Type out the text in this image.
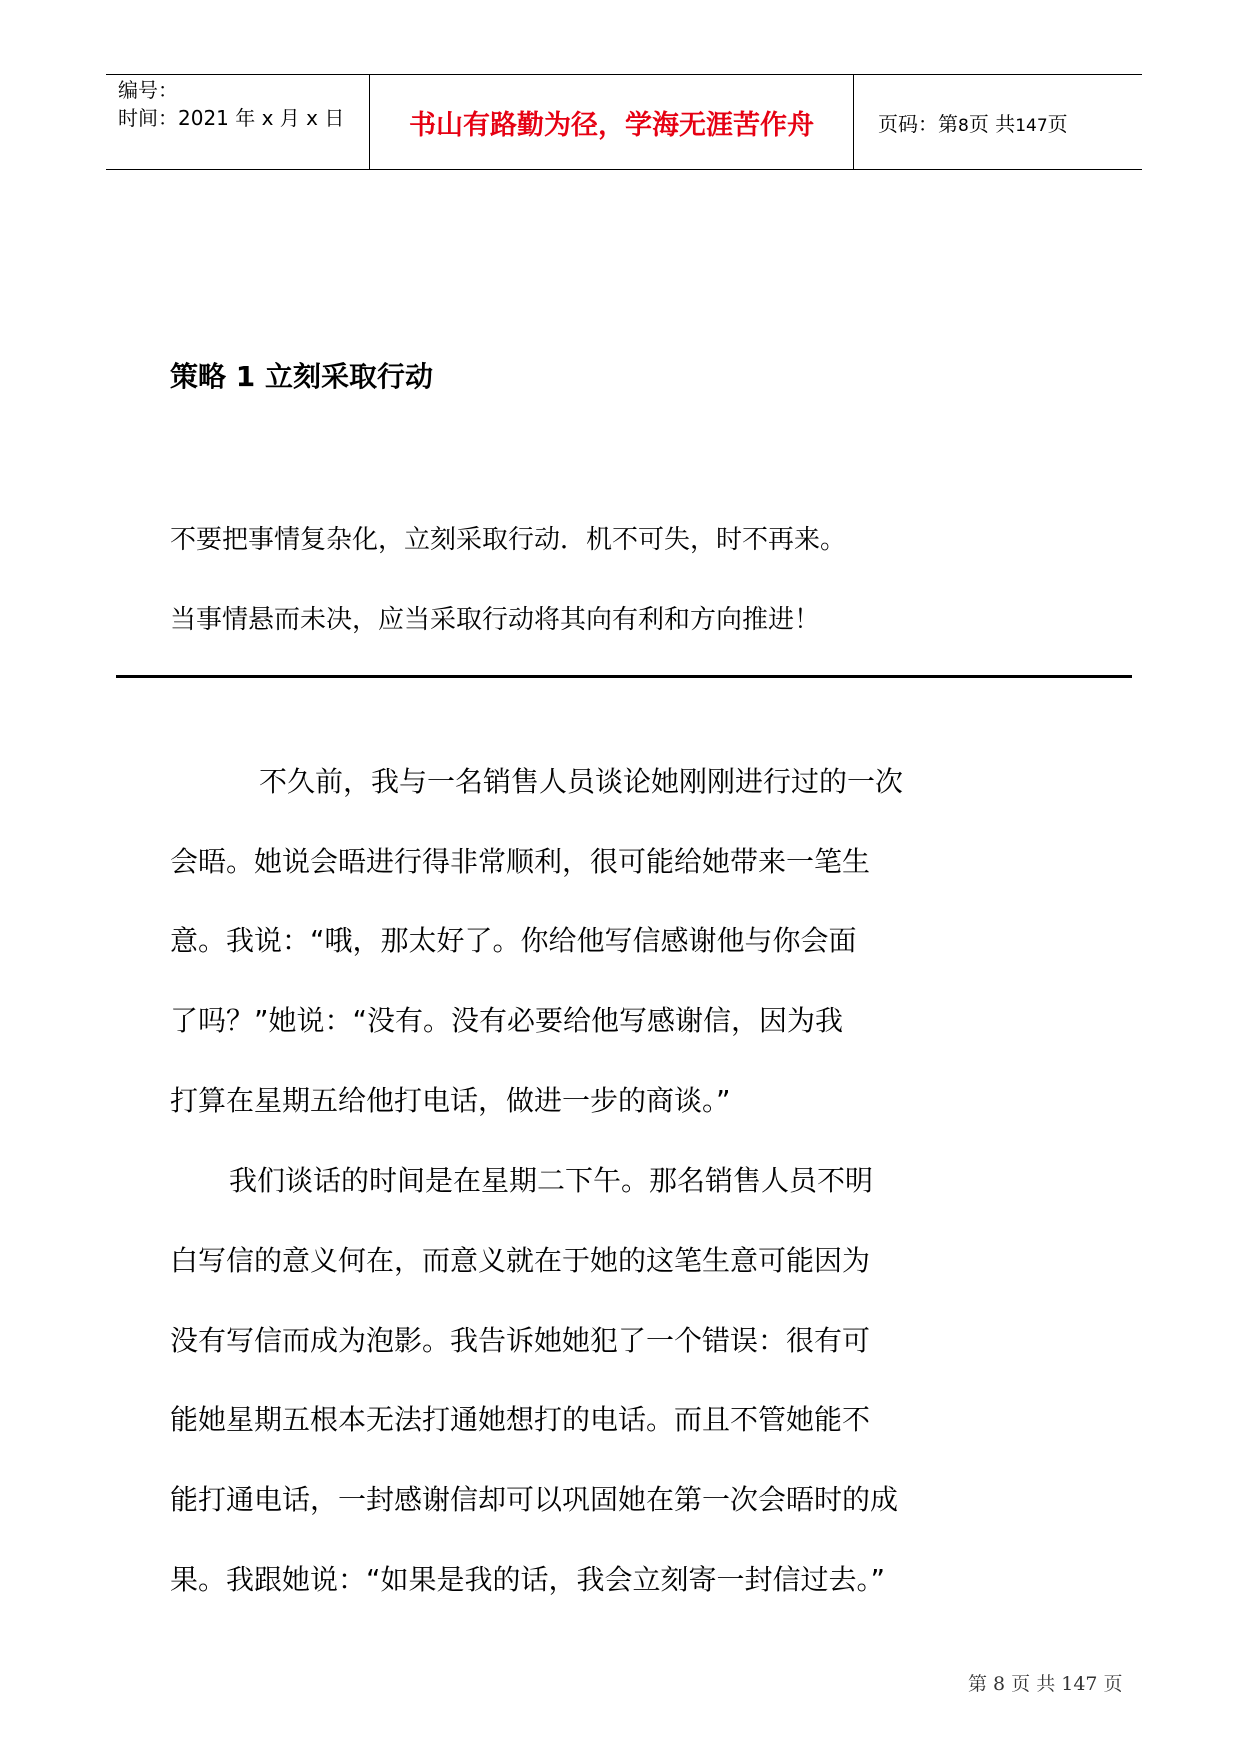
编号：
时间：2021 年 x 月 x 日 书山有路勤为径，学海无涯苦作舟	页码：第8页 共147页
策略 1 立刻采取行动
不要把事情复杂化，立刻采取行动．机不可失，时不再来。
当事情悬而未决，应当采取行动将其向有利和方向推进！
不久前，我与一名销售人员谈论她刚刚进行过的一次
会晤。她说会晤进行得非常顺利，很可能给她带来一笔生
意。我说：“哦，那太好了。你给他写信感谢他与你会面
了吗？”她说：“没有。没有必要给他写感谢信，因为我
打算在星期五给他打电话，做进一步的商谈。”
我们谈话的时间是在星期二下午。那名销售人员不明
白写信的意义何在，而意义就在于她的这笔生意可能因为
没有写信而成为泡影。我告诉她她犯了一个错误：很有可
能她星期五根本无法打通她想打的电话。而且不管她能不
能打通电话，一封感谢信却可以巩固她在第一次会晤时的成
果。我跟她说：“如果是我的话，我会立刻寄一封信过去。”
第 8 页 共 147 页
